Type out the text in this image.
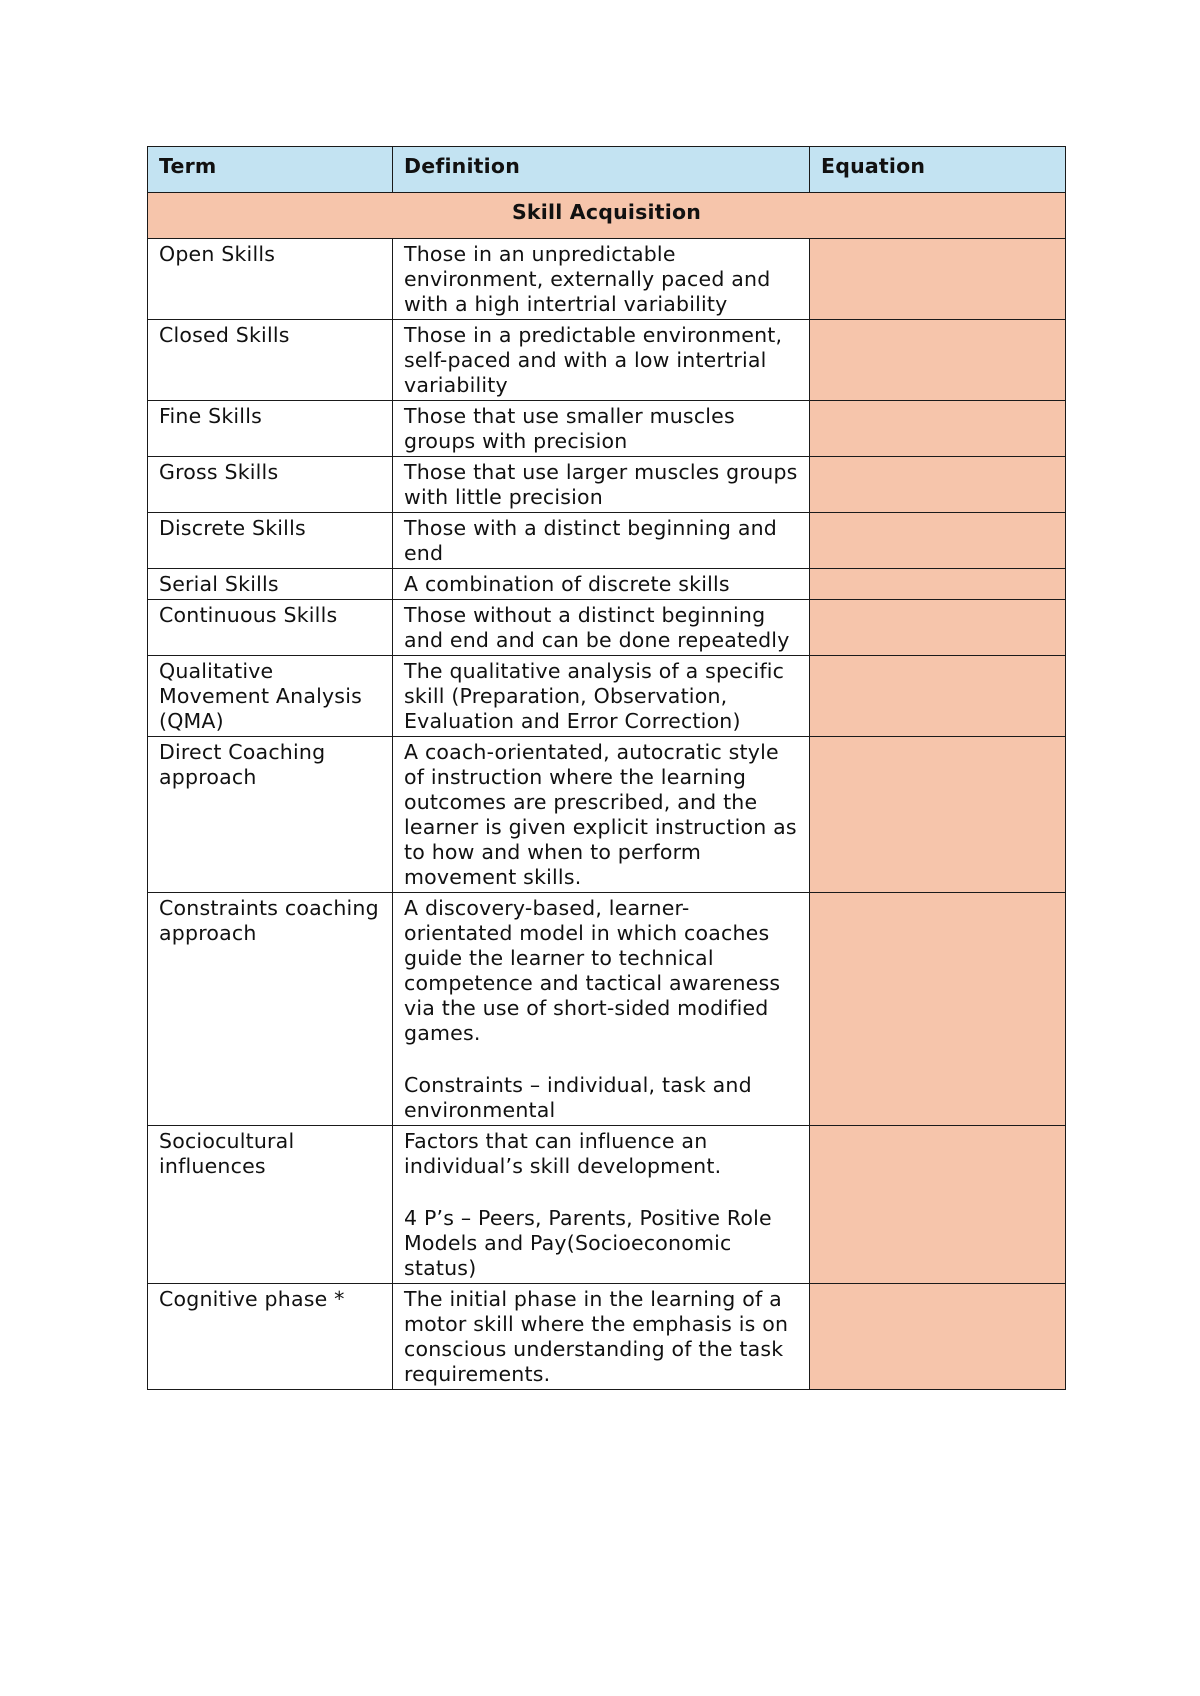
Term	Definition	Equation
Skill Acquisition		
Open Skills	Those in an unpredictable environment, externally paced and with a high intertrial variability	

Closed Skills	Those in a predictable environment, self-paced and with a low intertrial variability	

Fine Skills	Those that use smaller muscles groups with precision	

Gross Skills	Those that use larger muscles groups with little precision	

Discrete Skills	Those with a distinct beginning and end	

Serial Skills	A combination of discrete skills	

Continuous Skills	Those without a distinct beginning and end and can be done repeatedly	

Qualitative Movement Analysis (QMA)	The qualitative analysis of a specific skill (Preparation, Observation, Evaluation and Error Correction)	

Direct Coaching approach	A coach-orientated, autocratic style of instruction where the learning outcomes are prescribed, and the learner is given explicit instruction as to how and when to perform movement skills.	

Constraints coaching approach	A discovery-based, learner-orientated model in which coaches guide the learner to technical competence and tactical awareness via the use of short-sided modified games.
Constraints – individual, task and environmental	

Sociocultural influences	Factors that can influence an individual’s skill development.
4 P’s – Peers, Parents, Positive Role Models and Pay(Socioeconomic status)	

Cognitive phase *	The initial phase in the learning of a motor skill where the emphasis is on conscious understanding of the task requirements.	
